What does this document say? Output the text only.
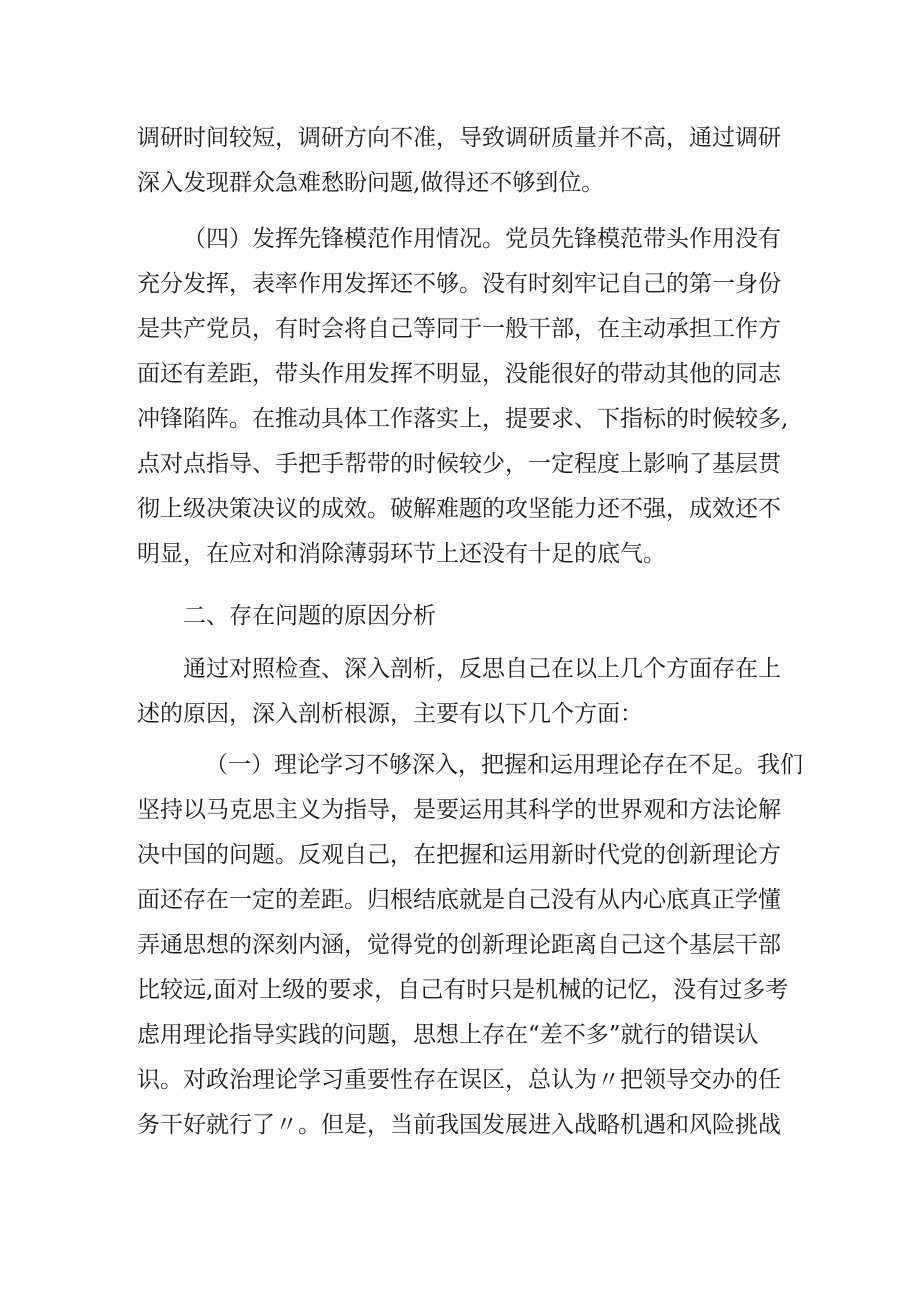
调研时间较短，调研方向不准，导致调研质量并不高，通过调研
深入发现群众急难愁盼问题,做得还不够到位。
（四）发挥先锋模范作用情况。党员先锋模范带头作用没有
充分发挥，表率作用发挥还不够。没有时刻牢记自己的第一身份
是共产党员，有时会将自己等同于一般干部，在主动承担工作方
面还有差距，带头作用发挥不明显，没能很好的带动其他的同志
冲锋陷阵。在推动具体工作落实上，提要求、下指标的时候较多,
点对点指导、手把手帮带的时候较少，一定程度上影响了基层贯
彻上级决策决议的成效。破解难题的攻坚能力还不强，成效还不
明显，在应对和消除薄弱环节上还没有十足的底气。
二、存在问题的原因分析
通过对照检查、深入剖析，反思自己在以上几个方面存在上
述的原因，深入剖析根源，主要有以下几个方面：
（一）理论学习不够深入，把握和运用理论存在不足。我们
坚持以马克思主义为指导，是要运用其科学的世界观和方法论解
决中国的问题。反观自己，在把握和运用新时代党的创新理论方
面还存在一定的差距。归根结底就是自己没有从内心底真正学懂
弄通思想的深刻内涵，觉得党的创新理论距离自己这个基层干部
比较远,面对上级的要求，自己有时只是机械的记忆，没有过多考
虑用理论指导实践的问题，思想上存在“差不多”就行的错误认
识。对政治理论学习重要性存在误区，总认为〃把领导交办的任
务干好就行了〃。但是，当前我国发展进入战略机遇和风险挑战
